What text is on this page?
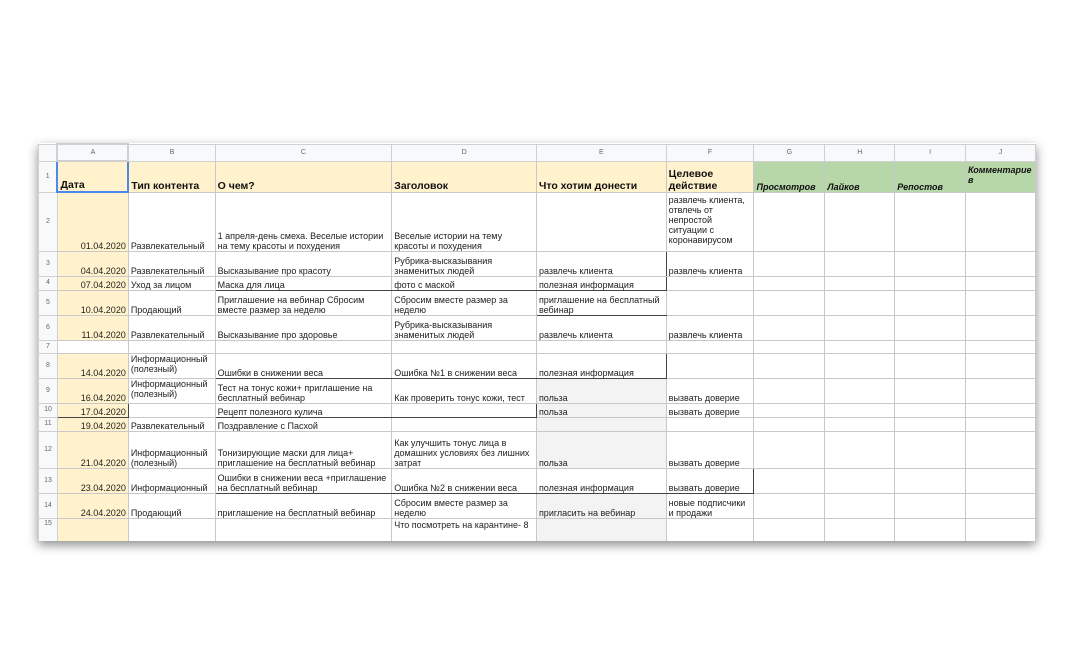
	A	B	C	D	E	F	G	H	I	J
1	Дата	Тип контента	О чем?	Заголовок	Что хотим донести	Целевое действие	Просмотров	Лайков	Репостов	Комментарие в
2	01.04.2020	Развлекательный	1 апреля-день смеха. Веселые истории на тему красоты и похудения	Веселые истории на тему красоты и похудения		развлечь клиента, отвлечь от непростой ситуации с коронавирусом				
3	04.04.2020	Развлекательный	Высказывание про красоту	Рубрика-высказывания знаменитых людей	развлечь клиента	развлечь клиента				
4	07.04.2020	Уход за лицом	Маска для лица	фото с маской	полезная информация					
5	10.04.2020	Продающий	Приглашение на вебинар Сбросим вместе размер за неделю	Сбросим вместе размер за неделю	приглашение на бесплатный вебинар					
6	11.04.2020	Развлекательный	Высказывание про здоровье	Рубрика-высказывания знаменитых людей	развлечь клиента	развлечь клиента				
7										
8	14.04.2020	Информационный (полезный)	Ошибки в снижении веса	Ошибка №1 в снижении веса	полезная информация					
9	16.04.2020	Информационный (полезный)	Тест на тонус кожи+ приглашение на бесплатный вебинар	Как проверить тонус кожи, тест	польза	вызвать доверие				
10	17.04.2020		Рецепт полезного кулича		польза	вызвать доверие				
11	19.04.2020	Развлекательный	Поздравление с Пасхой							
12	21.04.2020	Информационный (полезный)	Тонизирующие маски для лица+ приглашение на бесплатный вебинар	Как улучшить тонус лица в домашних условиях без лишних затрат	польза	вызвать доверие				
13	23.04.2020	Информационный	Ошибки в снижении веса +приглашение на бесплатный вебинар	Ошибка №2 в снижении веса	полезная информация	вызвать доверие				
14	24.04.2020	Продающий	приглашение на бесплатный вебинар	Сбросим вместе размер за неделю	пригласить на вебинар	новые подписчики и продажи				
15				Что посмотреть на карантине- 8						
